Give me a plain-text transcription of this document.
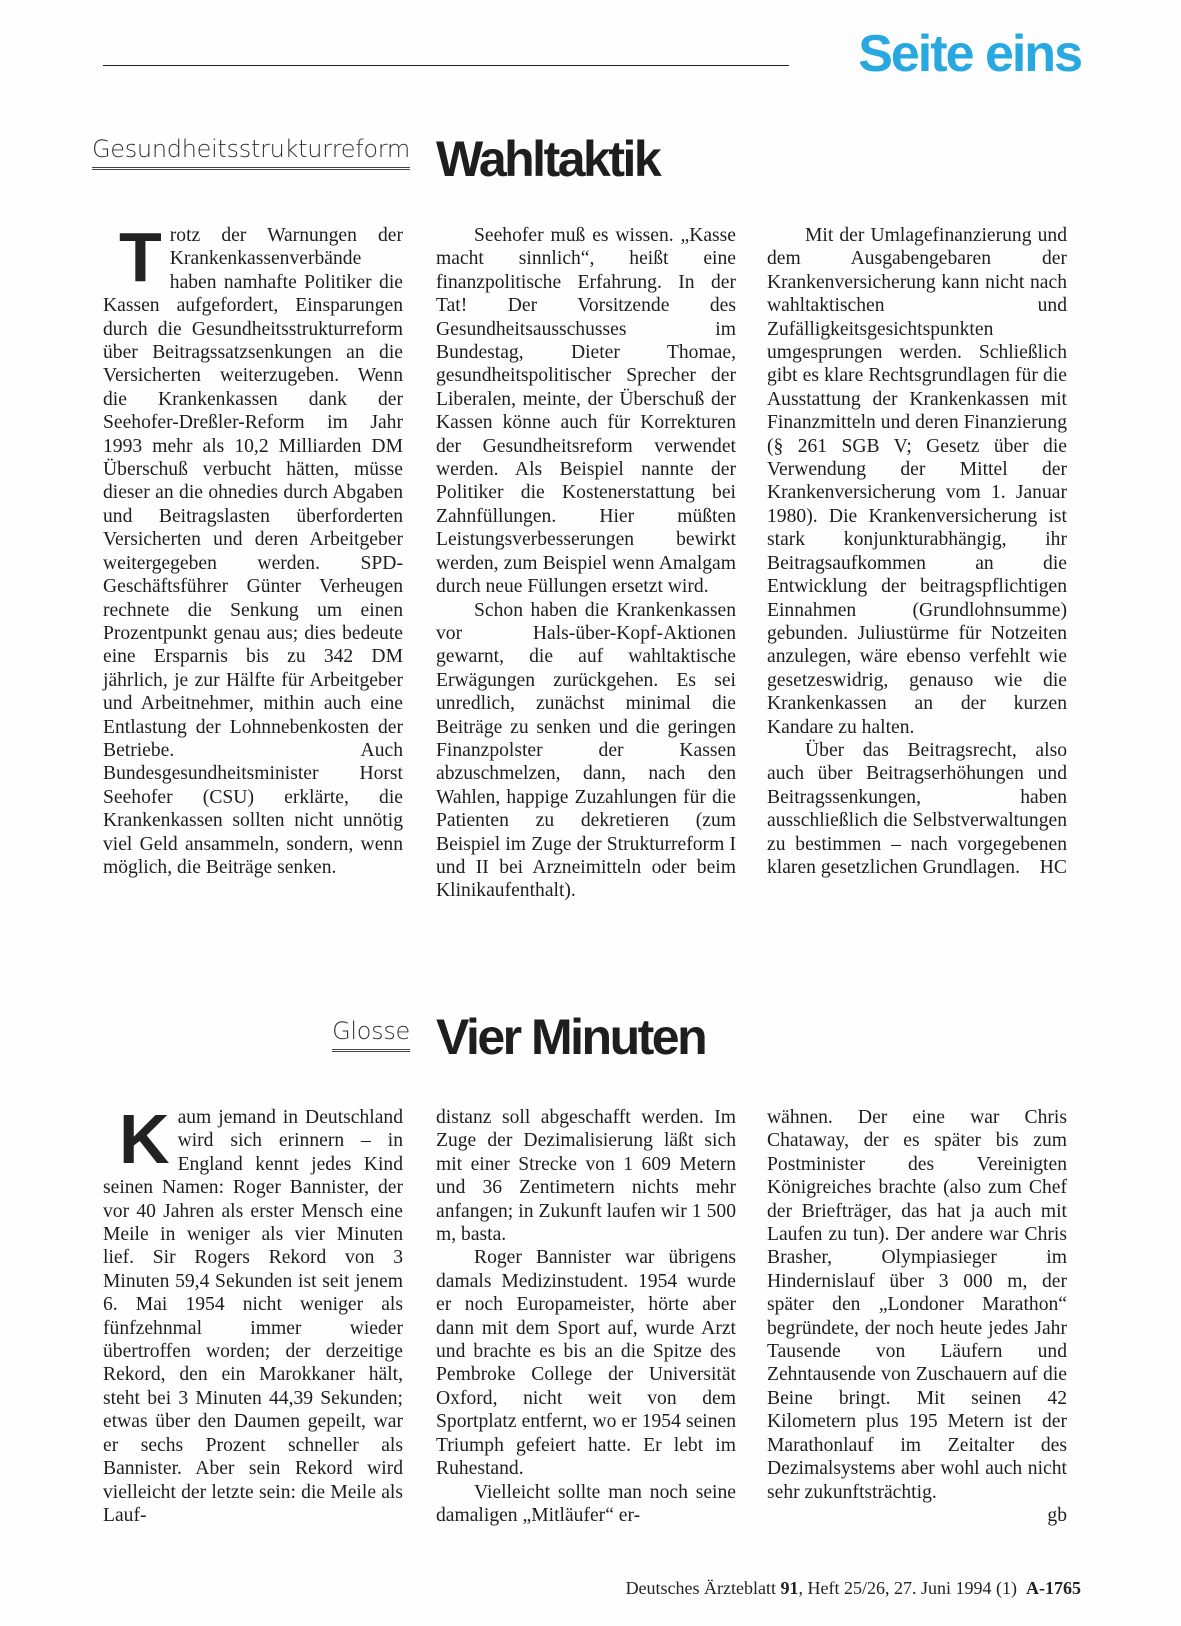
Seite eins
Gesundheitsstrukturreform Wahltaktik

Trotz der Warnungen der Krankenkassenverbände haben namhafte Politiker die Kassen aufgefordert, Einsparungen durch die Gesundheitsstrukturreform über Beitragssatzsenkungen an die Versicherten weiterzugeben. Wenn die Krankenkassen dank der Seehofer-Dreßler-Reform im Jahr 1993 mehr als 10,2 Milliarden DM Überschuß verbucht hätten, müsse dieser an die ohnedies durch Abgaben und Beitragslasten überforderten Versicherten und deren Arbeitgeber weitergegeben werden. SPD-Geschäftsführer Günter Verheugen rechnete die Senkung um einen Prozentpunkt genau aus; dies bedeute eine Ersparnis bis zu 342 DM jährlich, je zur Hälfte für Arbeitgeber und Arbeitnehmer, mithin auch eine Entlastung der Lohnnebenkosten der Betriebe. Auch Bundesgesundheitsminister Horst Seehofer (CSU) erklärte, die Krankenkassen sollten nicht unnötig viel Geld ansammeln, sondern, wenn möglich, die Beiträge senken.

Seehofer muß es wissen. „Kasse macht sinnlich“, heißt eine finanzpolitische Erfahrung. In der Tat! Der Vorsitzende des Gesundheitsausschusses im Bundestag, Dieter Thomae, gesundheitspolitischer Sprecher der Liberalen, meinte, der Überschuß der Kassen könne auch für Korrekturen der Gesundheitsreform verwendet werden. Als Beispiel nannte der Politiker die Kostenerstattung bei Zahnfüllungen. Hier müßten Leistungsverbesserungen bewirkt werden, zum Beispiel wenn Amalgam durch neue Füllungen ersetzt wird.

Schon haben die Krankenkassen vor Hals-über-Kopf-Aktionen gewarnt, die auf wahltaktische Erwägungen zurückgehen. Es sei unredlich, zunächst minimal die Beiträge zu senken und die geringen Finanzpolster der Kassen abzuschmelzen, dann, nach den Wahlen, happige Zuzahlungen für die Patienten zu dekretieren (zum Beispiel im Zuge der Strukturreform I und II bei Arzneimitteln oder beim Klinikaufenthalt).

Mit der Umlagefinanzierung und dem Ausgabengebaren der Krankenversicherung kann nicht nach wahltaktischen und Zufälligkeitsgesichtspunkten umgesprungen werden. Schließlich gibt es klare Rechtsgrundlagen für die Ausstattung der Krankenkassen mit Finanzmitteln und deren Finanzierung (§ 261 SGB V; Gesetz über die Verwendung der Mittel der Krankenversicherung vom 1. Januar 1980). Die Krankenversicherung ist stark konjunkturabhängig, ihr Beitragsaufkommen an die Entwicklung der beitragspflichtigen Einnahmen (Grundlohnsumme) gebunden. Juliustürme für Notzeiten anzulegen, wäre ebenso verfehlt wie gesetzeswidrig, genauso wie die Krankenkassen an der kurzen Kandare zu halten.

Über das Beitragsrecht, also auch über Beitragserhöhungen und Beitragssenkungen, haben ausschließlich die Selbstverwaltungen zu bestimmen – nach vorgegebenen klaren gesetzlichen Grundlagen.	HC

Glosse Vier Minuten

Kaum jemand in Deutschland wird sich erinnern – in England kennt jedes Kind seinen Namen: Roger Bannister, der vor 40 Jahren als erster Mensch eine Meile in weniger als vier Minuten lief. Sir Rogers Rekord von 3 Minuten 59,4 Sekunden ist seit jenem 6. Mai 1954 nicht weniger als fünfzehnmal immer wieder übertroffen worden; der derzeitige Rekord, den ein Marokkaner hält, steht bei 3 Minuten 44,39 Sekunden; etwas über den Daumen gepeilt, war er sechs Prozent schneller als Bannister. Aber sein Rekord wird vielleicht der letzte sein: die Meile als Lauf-

distanz soll abgeschafft werden. Im Zuge der Dezimalisierung läßt sich mit einer Strecke von 1 609 Metern und 36 Zentimetern nichts mehr anfangen; in Zukunft laufen wir 1 500 m, basta.

Roger Bannister war übrigens damals Medizinstudent. 1954 wurde er noch Europameister, hörte aber dann mit dem Sport auf, wurde Arzt und brachte es bis an die Spitze des Pembroke College der Universität Oxford, nicht weit von dem Sportplatz entfernt, wo er 1954 seinen Triumph gefeiert hatte. Er lebt im Ruhestand.

Vielleicht sollte man noch seine damaligen „Mitläufer“ er-

wähnen. Der eine war Chris Chataway, der es später bis zum Postminister des Vereinigten Königreiches brachte (also zum Chef der Briefträger, das hat ja auch mit Laufen zu tun). Der andere war Chris Brasher, Olympiasieger im Hindernislauf über 3 000 m, der später den „Londoner Marathon“ begründete, der noch heute jedes Jahr Tausende von Läufern und Zehntausende von Zuschauern auf die Beine bringt. Mit seinen 42 Kilometern plus 195 Metern ist der Marathonlauf im Zeitalter des Dezimalsystems aber wohl auch nicht sehr zukunftsträchtig.

gb
Deutsches Ärzteblatt 91, Heft 25/26, 27. Juni 1994 (1) A-1765
